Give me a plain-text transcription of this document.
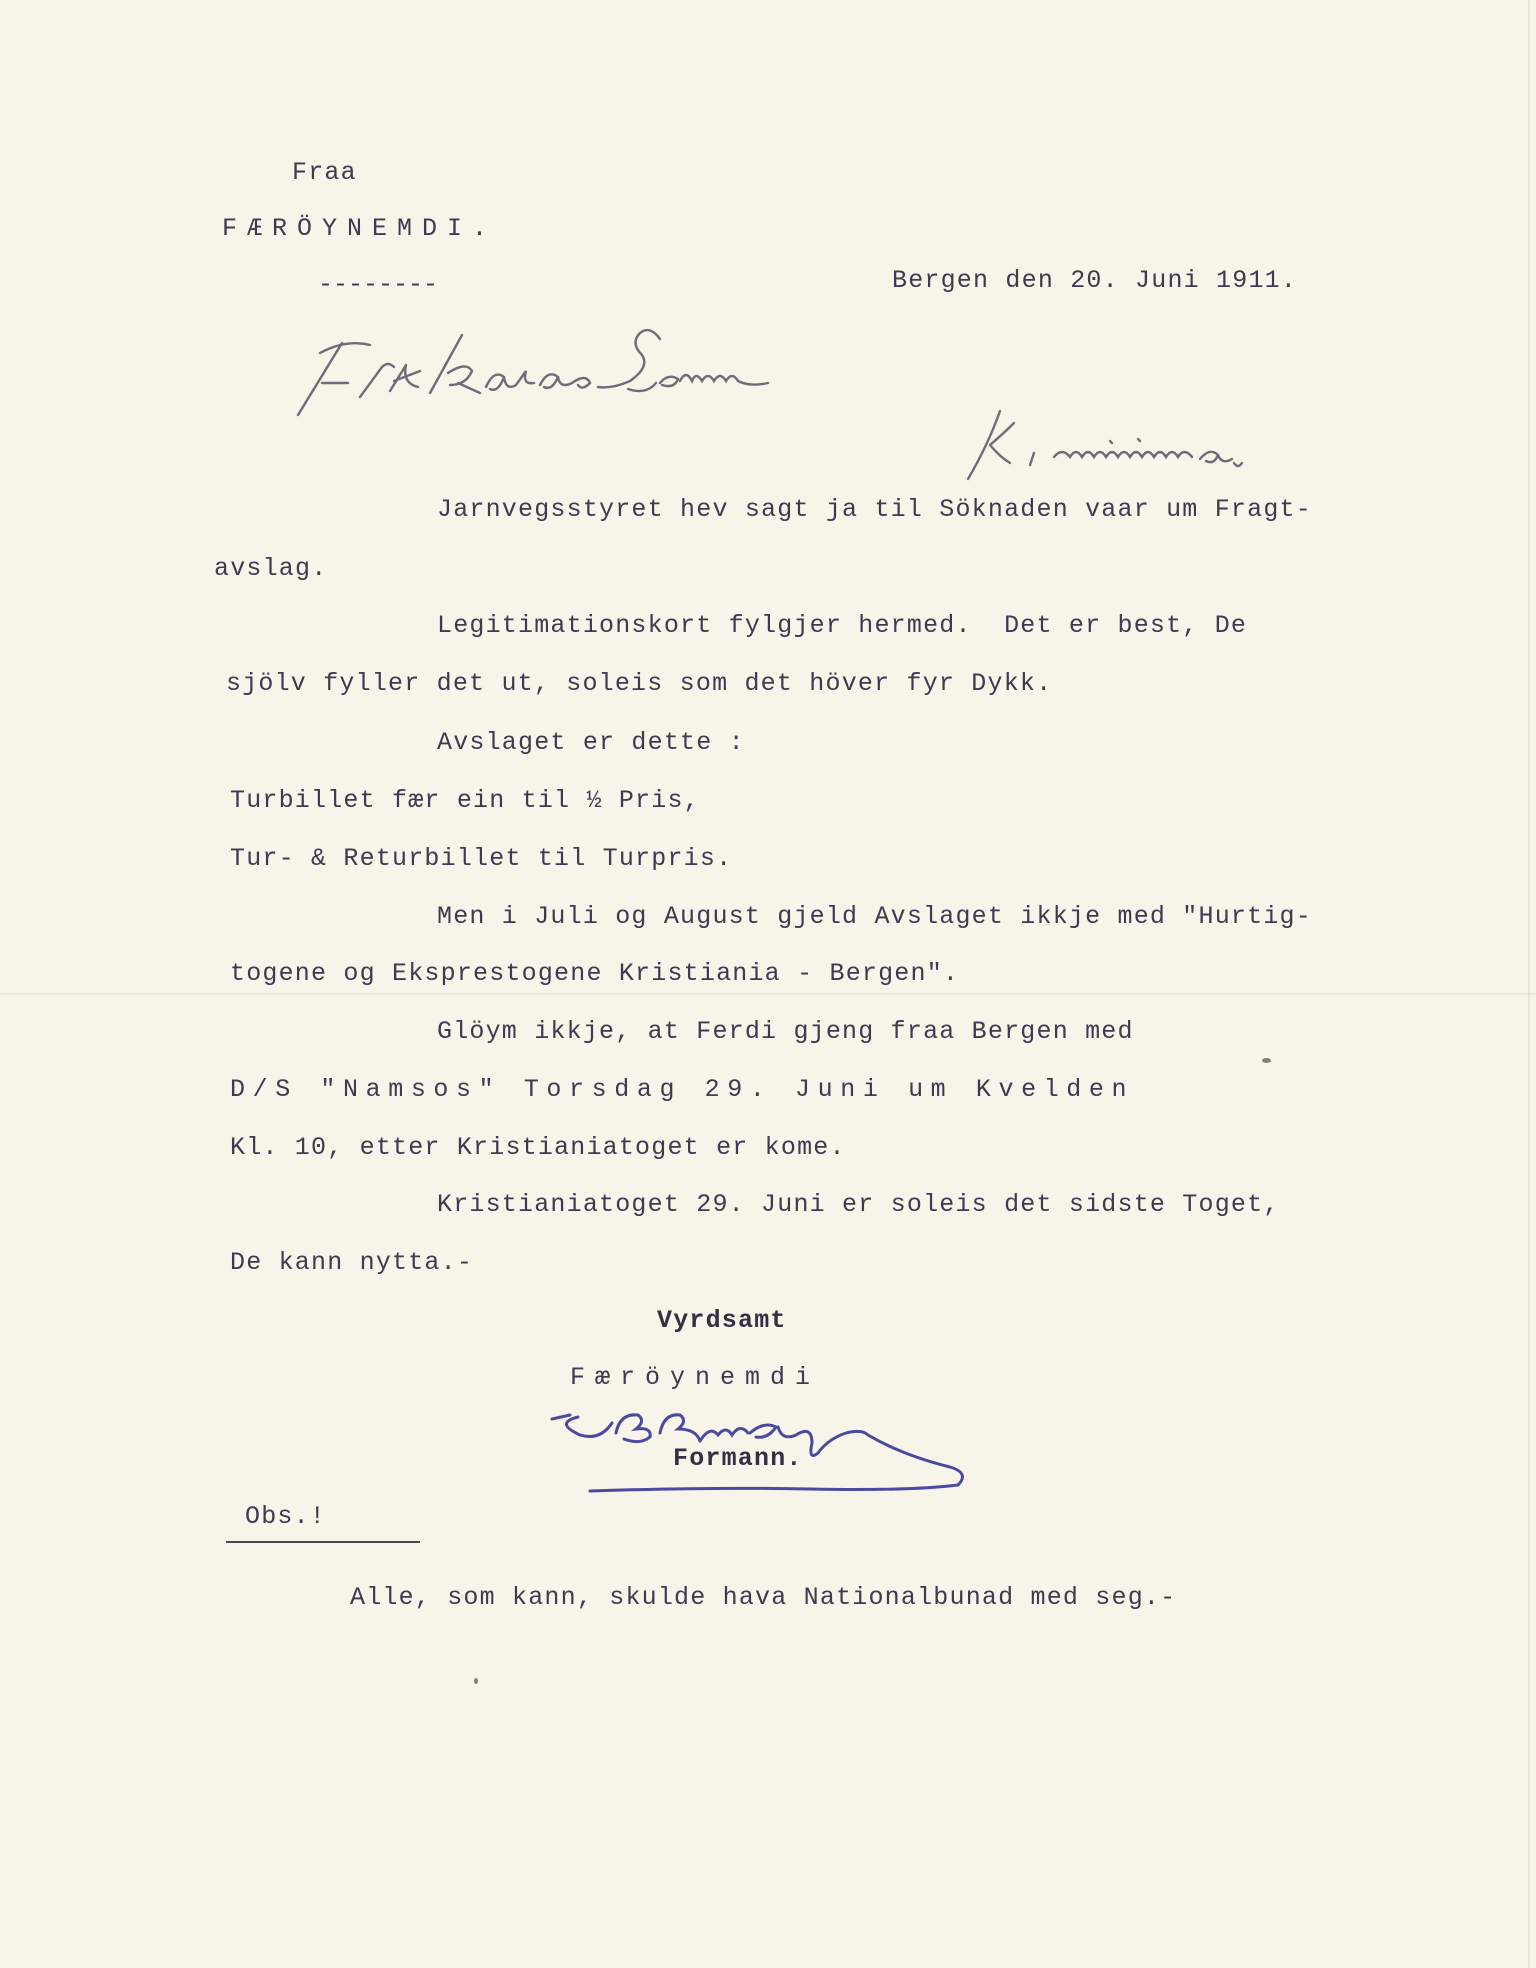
Fraa
FÆRÖYNEMDI.
--------	Bergen den 20. Juni 1911.
Frk Klara Sem
Kriania
Jarnvegsstyret hev sagt ja til Söknaden vaar um Fragt-
avslag.
Legitimationskort fylgjer hermed.  Det er best, De
sjölv fyller det ut, soleis som det höver fyr Dykk.
Avslaget er dette :
Turbillet fær ein til ½ Pris,
Tur- & Returbillet til Turpris.
Men i Juli og August gjeld Avslaget ikkje med "Hurtig-
togene og Eksprestogene Kristiania - Bergen".
Glöym ikkje, at Ferdi gjeng fraa Bergen med
D/S "Namsos" Torsdag 29. Juni um Kvelden
Kl. 10, etter Kristianiatoget er kome.
Kristianiatoget 29. Juni er soleis det sidste Toget,
De kann nytta.-
Vyrdsamt
Færöynemdi
E. Bruaas
Formann.
Obs.!
Alle, som kann, skulde hava Nationalbunad med seg.-
